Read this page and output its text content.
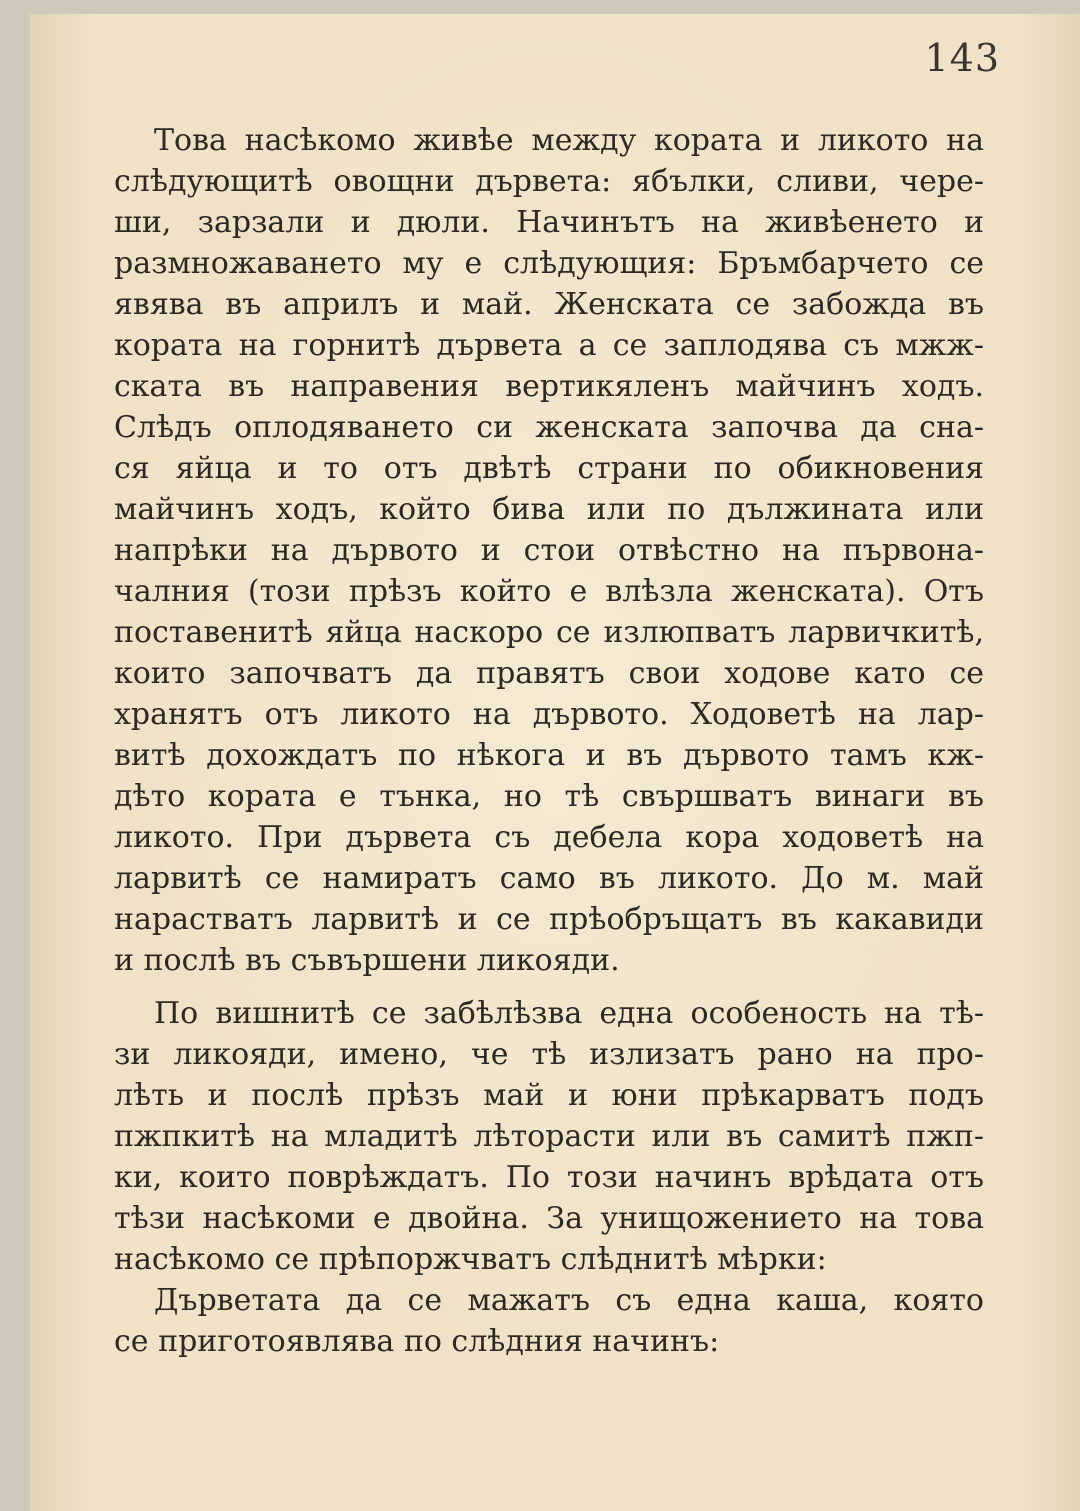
143
Това насѣкомо живѣе между кората и ликото на
слѣдующитѣ овощни дървета: ябълки, сливи, чере-
ши, зарзали и дюли. Начинътъ на живѣенето и
размножаването му е слѣдующия: Бръмбарчето се
явява въ априлъ и май. Женската се забожда въ
кората на горнитѣ дървета а се заплодява съ мжж-
ската въ направения вертикяленъ майчинъ ходъ.
Слѣдъ оплодяването си женската започва да сна-
ся яйца и то отъ двѣтѣ страни по обикновения
майчинъ ходъ, който бива или по дължината или
напрѣки на дървото и стои отвѣстно на първона-
чалния (този прѣзъ който е влѣзла женската). Отъ
поставенитѣ яйца наскоро се излюпватъ ларвичкитѣ,
които започватъ да правятъ свои ходове като се
хранятъ отъ ликото на дървото. Ходоветѣ на лар-
витѣ дохождатъ по нѣкога и въ дървото тамъ кж-
дѣто кората е тънка, но тѣ свършватъ винаги въ
ликото. При дървета съ дебела кора ходоветѣ на
ларвитѣ се намиратъ само въ ликото. До м. май
нарастватъ ларвитѣ и се прѣобръщатъ въ какавиди
и послѣ въ съвършени ликояди.
По вишнитѣ се забѣлѣзва една особеность на тѣ-
зи ликояди, имено, че тѣ излизатъ рано на про-
лѣть и послѣ прѣзъ май и юни прѣкарватъ подъ
пжпкитѣ на младитѣ лѣторасти или въ самитѣ пжп-
ки, които поврѣждатъ. По този начинъ врѣдата отъ
тѣзи насѣкоми е двойна. За унищожението на това
насѣкомо се прѣпоржчватъ слѣднитѣ мѣрки:
Дърветата да се мажатъ съ една каша, която
се приготоявлява по слѣдния начинъ:
